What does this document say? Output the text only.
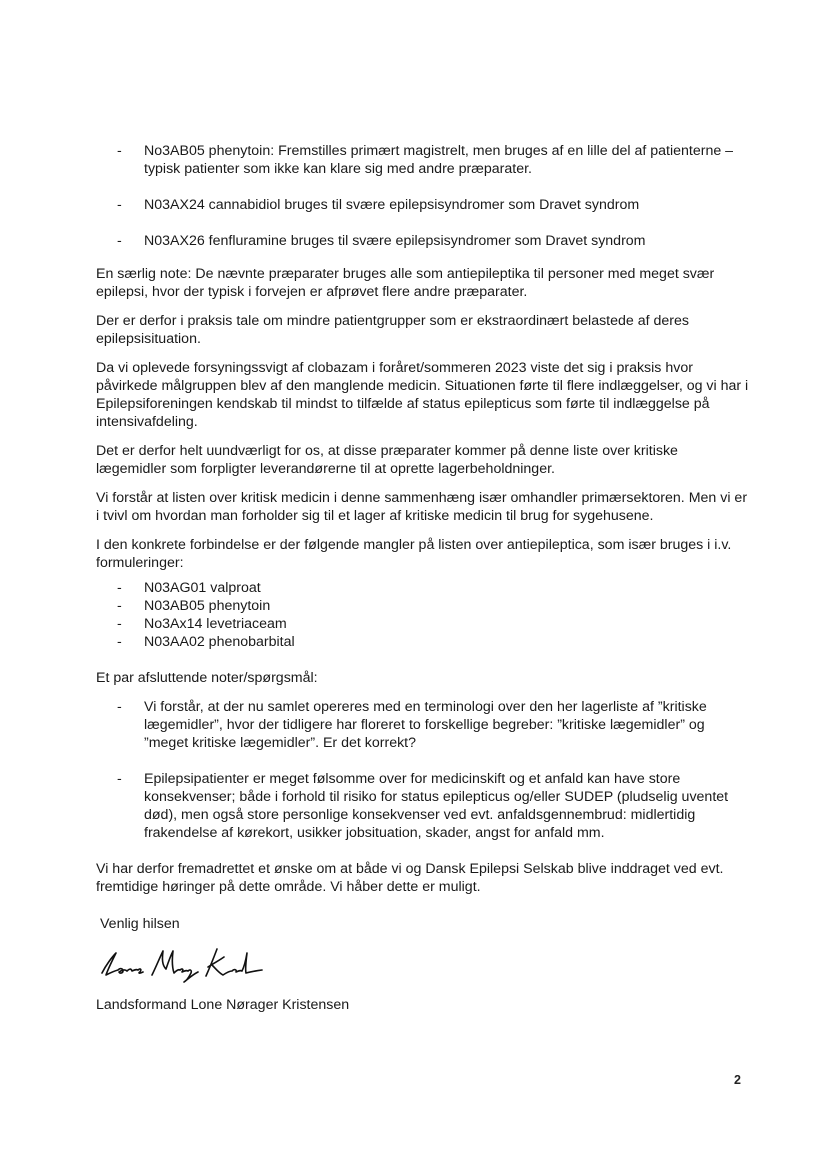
- No3AB05 phenytoin: Fremstilles primært magistrelt, men bruges af en lille del af patienterne – typisk patienter som ikke kan klare sig med andre præparater.
- N03AX24 cannabidiol bruges til svære epilepsisyndromer som Dravet syndrom
- N03AX26 fenfluramine bruges til svære epilepsisyndromer som Dravet syndrom

En særlig note: De nævnte præparater bruges alle som antiepileptika til personer med meget svær epilepsi, hvor der typisk i forvejen er afprøvet flere andre præparater.

Der er derfor i praksis tale om mindre patientgrupper som er ekstraordinært belastede af deres epilepsisituation.

Da vi oplevede forsyningssvigt af clobazam i foråret/sommeren 2023 viste det sig i praksis hvor påvirkede målgruppen blev af den manglende medicin. Situationen førte til flere indlæggelser, og vi har i Epilepsiforeningen kendskab til mindst to tilfælde af status epilepticus som førte til indlæggelse på intensivafdeling.

Det er derfor helt uundværligt for os, at disse præparater kommer på denne liste over kritiske lægemidler som forpligter leverandørerne til at oprette lagerbeholdninger.

Vi forstår at listen over kritisk medicin i denne sammenhæng især omhandler primærsektoren. Men vi er i tvivl om hvordan man forholder sig til et lager af kritiske medicin til brug for sygehusene.

I den konkrete forbindelse er der følgende mangler på listen over antiepileptica, som især bruges i i.v. formuleringer:

- N03AG01 valproat
- N03AB05 phenytoin
- No3Ax14 levetriaceam
- N03AA02 phenobarbital

Et par afsluttende noter/spørgsmål:

- Vi forstår, at der nu samlet opereres med en terminologi over den her lagerliste af ”kritiske lægemidler”, hvor der tidligere har floreret to forskellige begreber: ”kritiske lægemidler” og ”meget kritiske lægemidler”. Er det korrekt?
- Epilepsipatienter er meget følsomme over for medicinskift og et anfald kan have store konsekvenser; både i forhold til risiko for status epilepticus og/eller SUDEP (pludselig uventet død), men også store personlige konsekvenser ved evt. anfaldsgennembrud: midlertidig frakendelse af kørekort, usikker jobsituation, skader, angst for anfald mm.

Vi har derfor fremadrettet et ønske om at både vi og Dansk Epilepsi Selskab blive inddraget ved evt. fremtidige høringer på dette område. Vi håber dette er muligt.

Venlig hilsen

Landsformand Lone Nørager Kristensen

2
